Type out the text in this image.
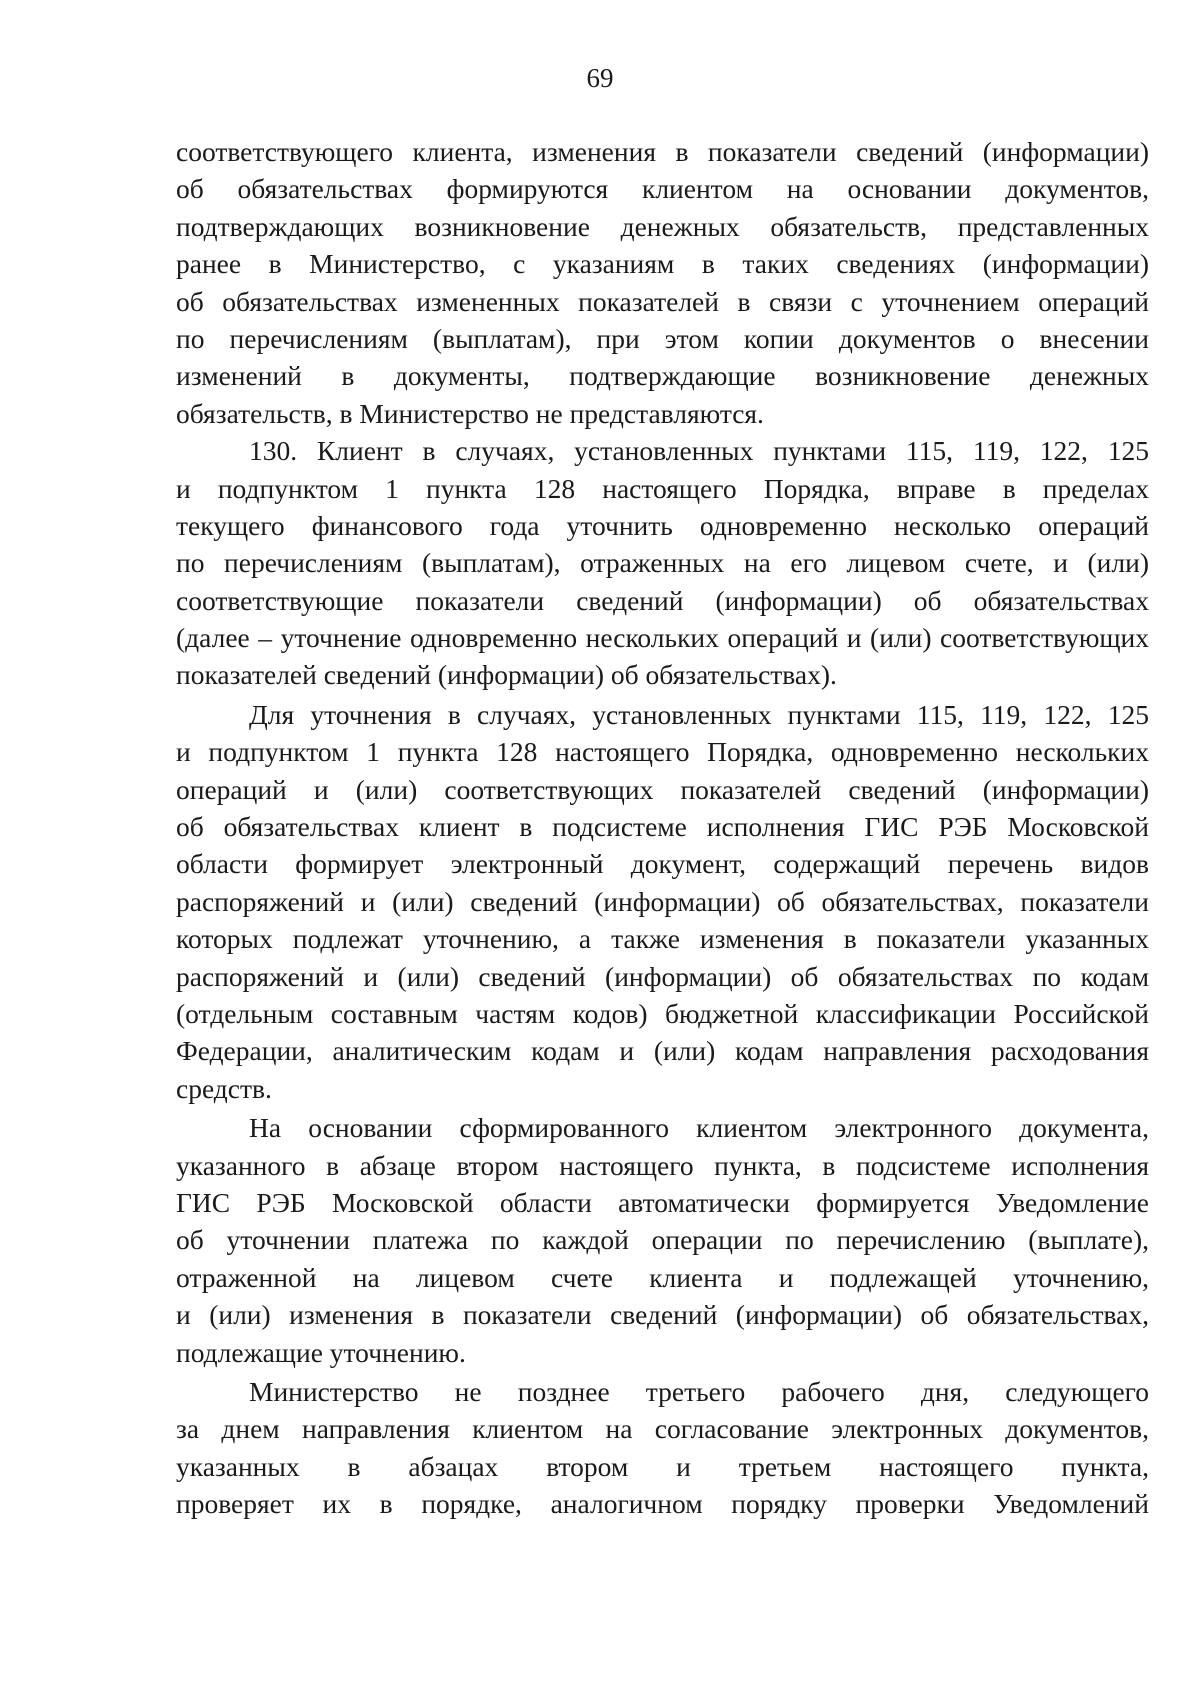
69
соответствующего клиента, изменения в показатели сведений (информации)
об обязательствах формируются клиентом на основании документов,
подтверждающих возникновение денежных обязательств, представленных
ранее в Министерство, с указаниям в таких сведениях (информации)
об обязательствах измененных показателей в связи с уточнением операций
по перечислениям (выплатам), при этом копии документов о внесении
изменений в документы, подтверждающие возникновение денежных
обязательств, в Министерство не представляются.
130. Клиент в случаях, установленных пунктами 115, 119, 122, 125
и подпунктом 1 пункта 128 настоящего Порядка, вправе в пределах
текущего финансового года уточнить одновременно несколько операций
по перечислениям (выплатам), отраженных на его лицевом счете, и (или)
соответствующие показатели сведений (информации) об обязательствах
(далее – уточнение одновременно нескольких операций и (или) соответствующих
показателей сведений (информации) об обязательствах).
Для уточнения в случаях, установленных пунктами 115, 119, 122, 125
и подпунктом 1 пункта 128 настоящего Порядка, одновременно нескольких
операций и (или) соответствующих показателей сведений (информации)
об обязательствах клиент в подсистеме исполнения ГИС РЭБ Московской
области формирует электронный документ, содержащий перечень видов
распоряжений и (или) сведений (информации) об обязательствах, показатели
которых подлежат уточнению, а также изменения в показатели указанных
распоряжений и (или) сведений (информации) об обязательствах по кодам
(отдельным составным частям кодов) бюджетной классификации Российской
Федерации, аналитическим кодам и (или) кодам направления расходования
средств.
На основании сформированного клиентом электронного документа,
указанного в абзаце втором настоящего пункта, в подсистеме исполнения
ГИС РЭБ Московской области автоматически формируется Уведомление
об уточнении платежа по каждой операции по перечислению (выплате),
отраженной на лицевом счете клиента и подлежащей уточнению,
и (или) изменения в показатели сведений (информации) об обязательствах,
подлежащие уточнению.
Министерство не позднее третьего рабочего дня, следующего
за днем направления клиентом на согласование электронных документов,
указанных в абзацах втором и третьем настоящего пункта,
проверяет их в порядке, аналогичном порядку проверки Уведомлений
